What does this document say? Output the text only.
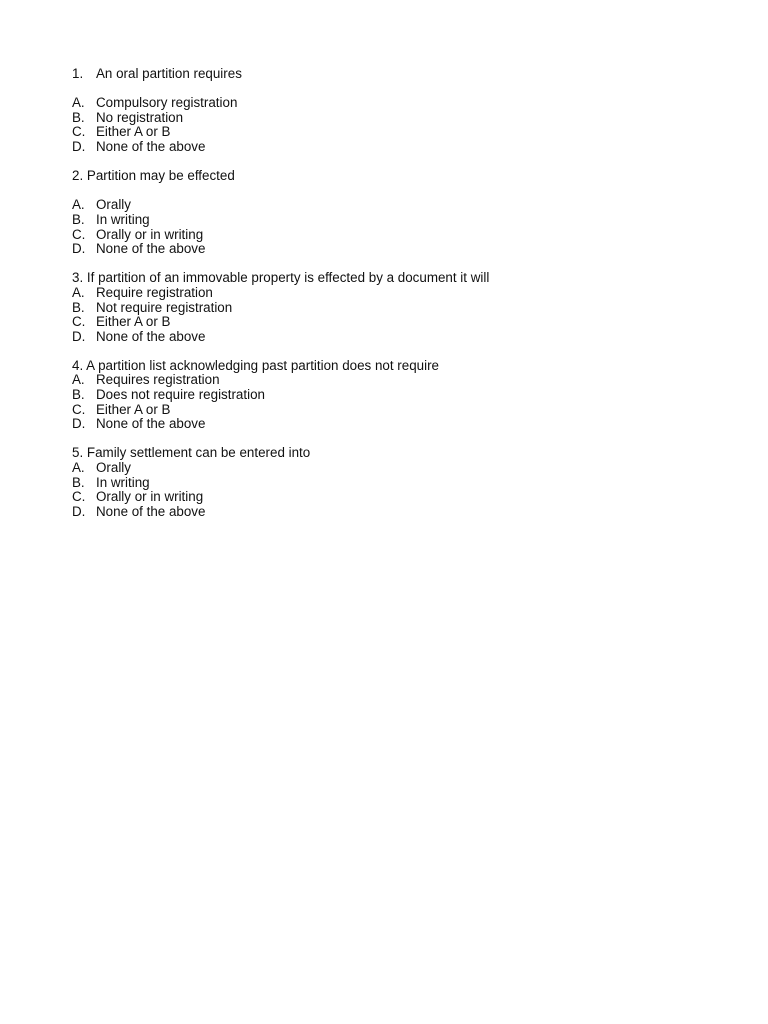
1. An oral partition requires
A. Compulsory registration
B. No registration
C. Either A or B
D. None of the above
2. Partition may be effected
A. Orally
B. In writing
C. Orally or in writing
D. None of the above
3. If partition of an immovable property is effected by a document it will
A. Require registration
B. Not require registration
C. Either A or B
D. None of the above
4. A partition list acknowledging past partition does not require
A. Requires registration
B. Does not require registration
C. Either A or B
D. None of the above
5. Family settlement can be entered into
A. Orally
B. In writing
C. Orally or in writing
D. None of the above
